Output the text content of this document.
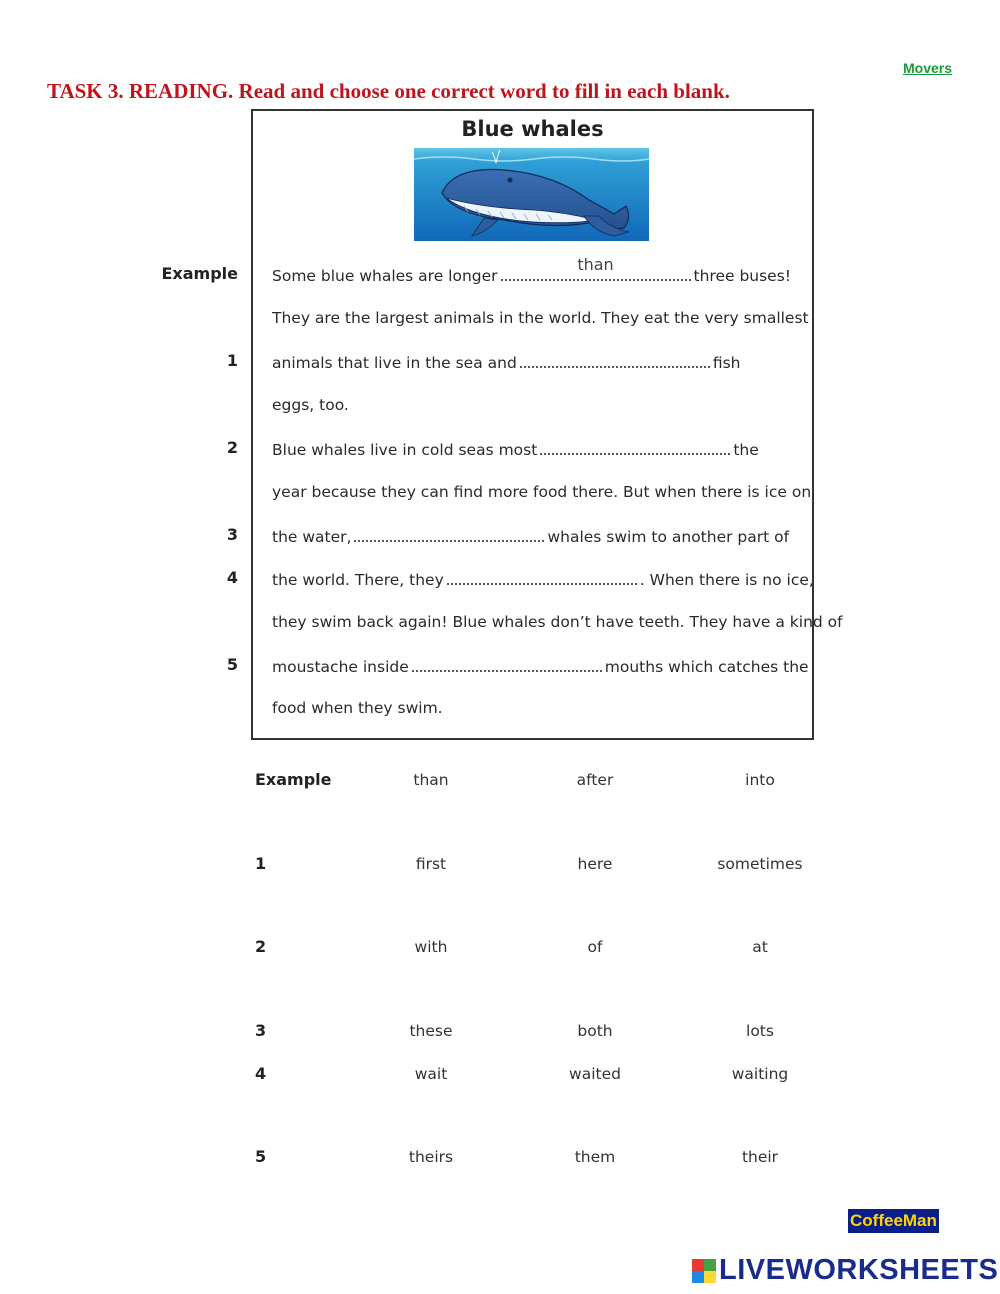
Movers
TASK 3. READING. Read and choose one correct word to fill in each blank.
Blue whales
Example
1
2
3
4
5
Some blue whales are longer
than
three buses!
They are the largest animals in the world. They eat the very smallest
animals that live in the sea and	fish
eggs, too.
Blue whales live in cold seas most	the
year because they can find more food there. But when there is ice on
the water,	whales swim to another part of
the world. There, they	. When there is no ice,
they swim back again! Blue whales don’t have teeth. They have a kind of
moustache inside	mouths which catches the
food when they swim.
Example	than	after	into
1	first	here	sometimes
2	with	of	at
3	these	both	lots
4	wait	waited	waiting
5	theirs	them	their
CoffeeMan
LIVEWORKSHEETS
